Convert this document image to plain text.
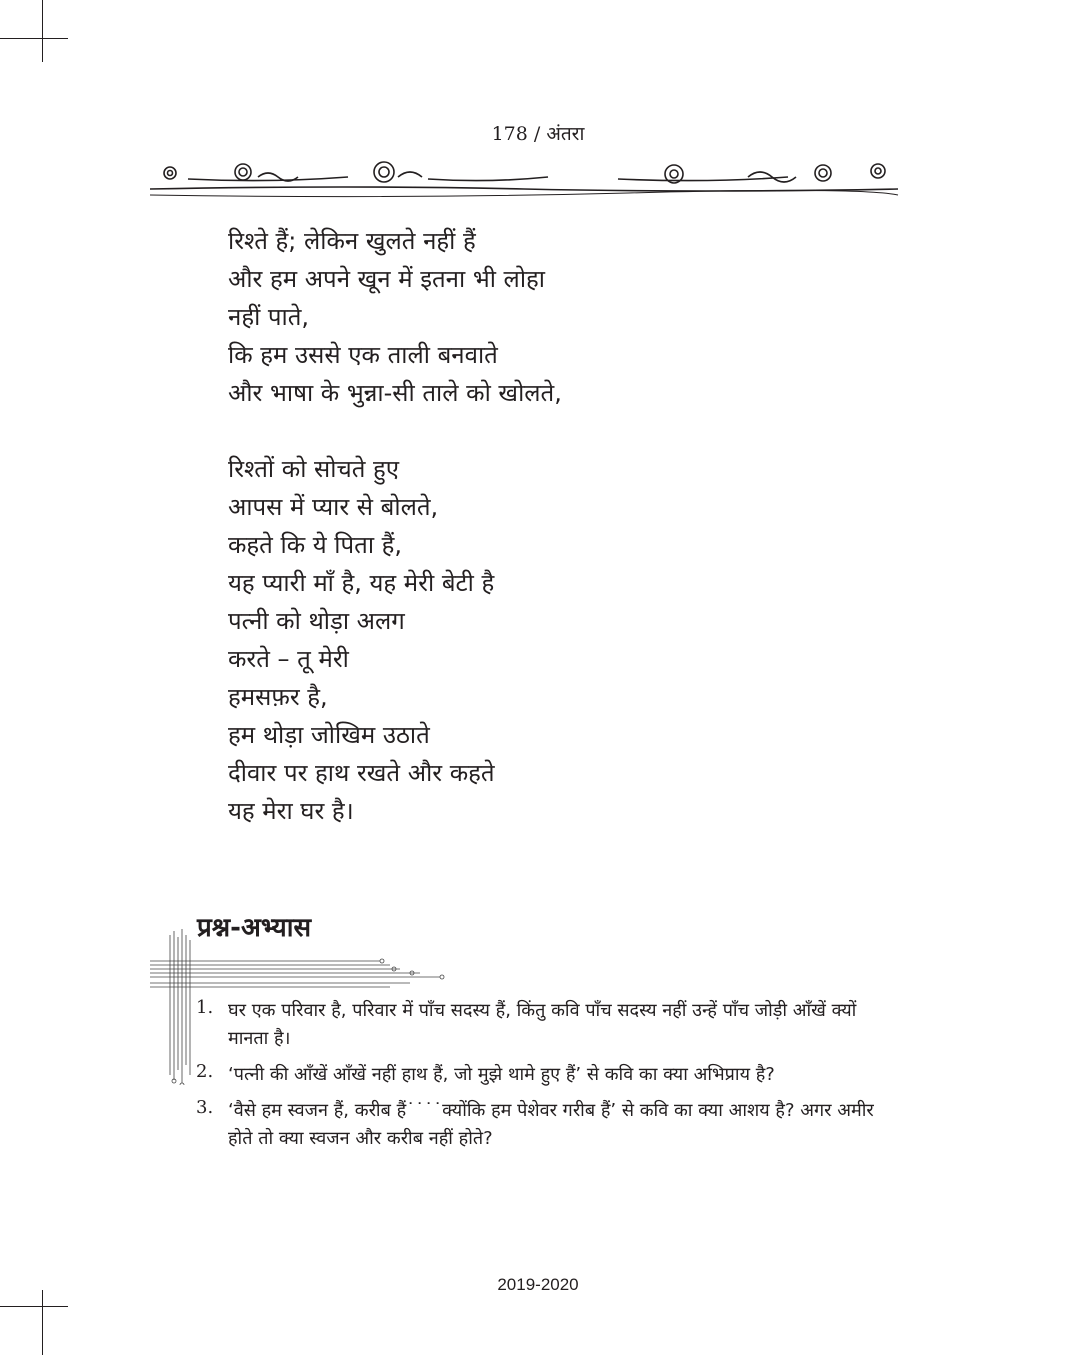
178 / अंतरा
रिश्ते हैं; लेकिन खुलते नहीं हैं
और हम अपने खून में इतना भी लोहा
नहीं पाते,
कि हम उससे एक ताली बनवाते
और भाषा के भुन्ना-सी ताले को खोलते,
रिश्तों को सोचते हुए
आपस में प्यार से बोलते,
कहते कि ये पिता हैं,
यह प्यारी माँ है, यह मेरी बेटी है
पत्नी को थोड़ा अलग
करते – तू मेरी
हमसफ़र है,
हम थोड़ा जोखिम उठाते
दीवार पर हाथ रखते और कहते
यह मेरा घर है।
प्रश्न-अभ्यास
1. घर एक परिवार है, परिवार में पाँच सदस्य हैं, किंतु कवि पाँच सदस्य नहीं उन्हें पाँच जोड़ी आँखें क्यों मानता है।
2. ‘पत्नी की आँखें आँखें नहीं हाथ हैं, जो मुझे थामे हुए हैं’ से कवि का क्या अभिप्राय है?
3. ‘वैसे हम स्वजन हैं, करीब हैं˙˙˙˙क्योंकि हम पेशेवर गरीब हैं’ से कवि का क्या आशय है? अगर अमीर होते तो क्या स्वजन और करीब नहीं होते?
2019-2020
